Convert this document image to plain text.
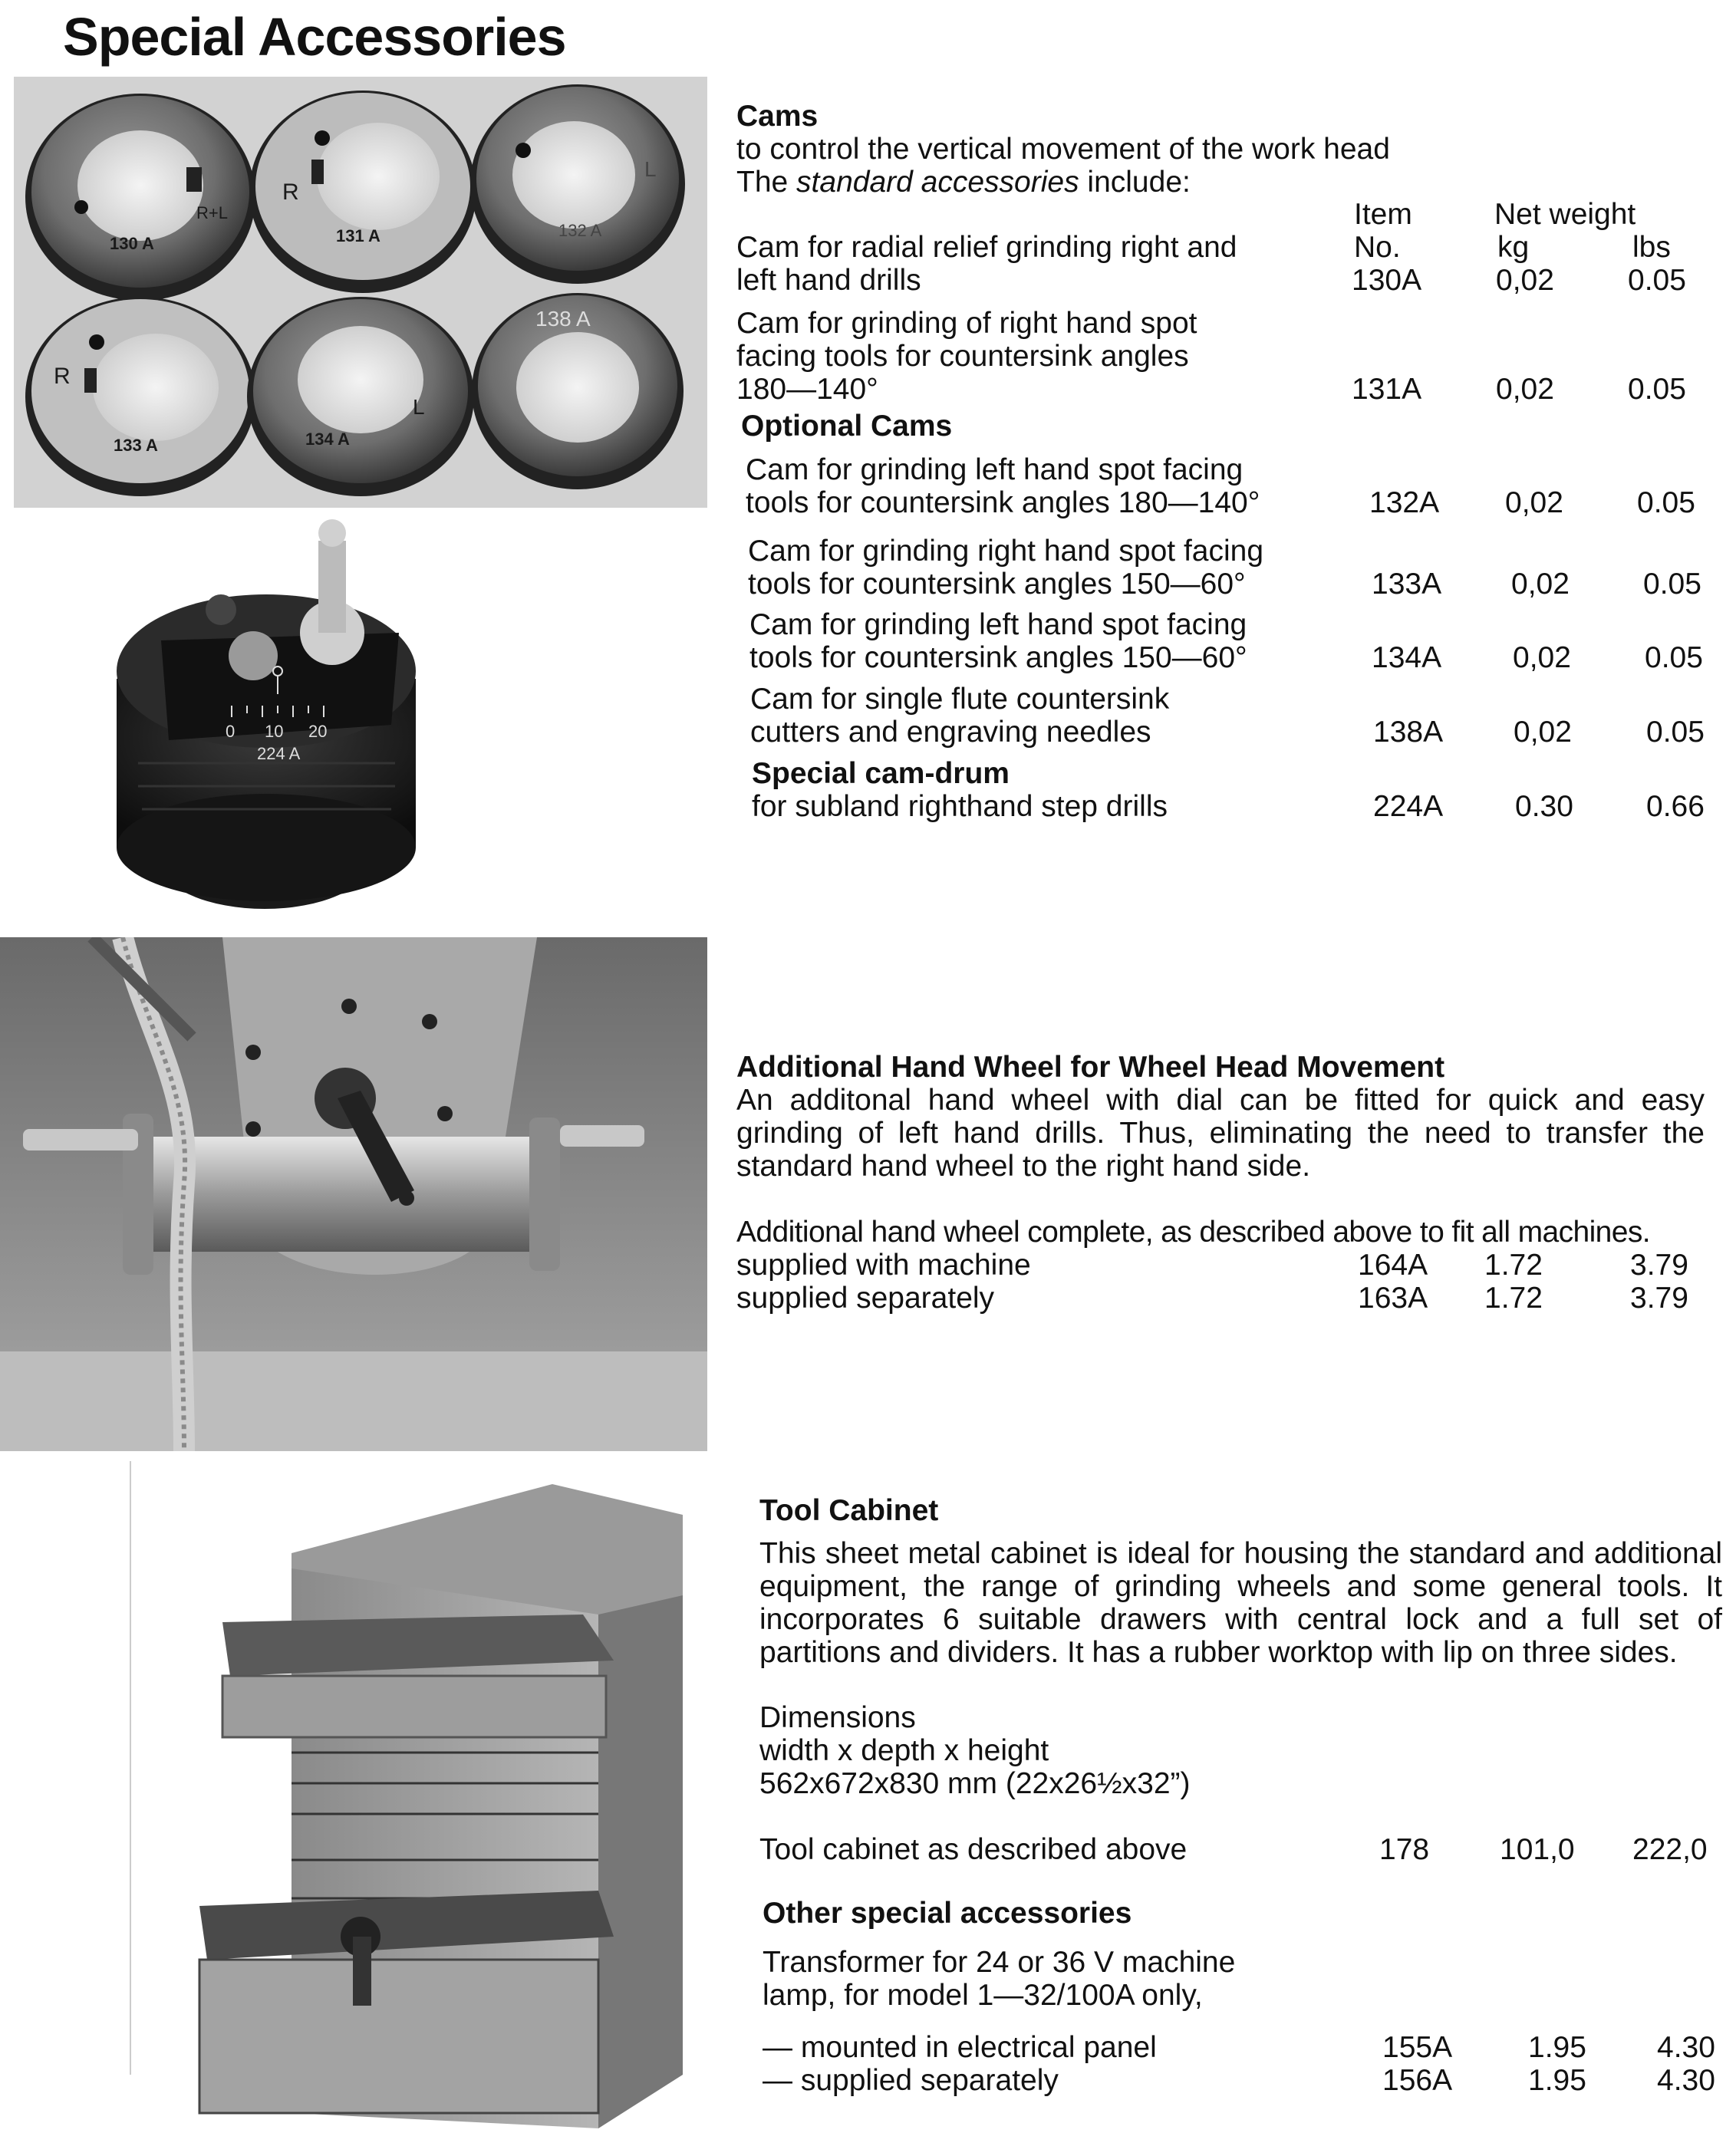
Special Accessories
130 A
R+L
131 A
R
132 A
L
133 A
R
134 A
L
138 A
0 10 20
224 A
Cams
to control the vertical movement of the work head
The standard accessories include:
Item
No.
Net weight
kg	lbs
Cam for radial relief grinding right and
left hand drills	130A 0,02 0.05
Cam for grinding of right hand spot
facing tools for countersink angles
180—140°	131A 0,02 0.05
Optional Cams
Cam for grinding left hand spot facing
tools for countersink angles 180—140°	132A 0,02 0.05
Cam for grinding right hand spot facing
tools for countersink angles 150—60°	133A 0,02 0.05
Cam for grinding left hand spot facing
tools for countersink angles 150—60°	134A 0,02 0.05
Cam for single flute countersink
cutters and engraving needles	138A 0,02 0.05
Special cam-drum
for subland righthand step drills	224A 0.30 0.66
Additional Hand Wheel for Wheel Head Movement
An additonal hand wheel with dial can be fitted for quick and easy grinding of left hand drills. Thus, eliminating the need to transfer the standard hand wheel to the right hand side.
Additional hand wheel complete, as described above to fit all machines.
supplied with machine	164A 1.72	3.79
supplied separately	163A 1.72	3.79
Tool Cabinet
This sheet metal cabinet is ideal for housing the standard and additional equipment, the range of grinding wheels and some general tools. It incorporates 6 suitable drawers with central lock and a full set of partitions and dividers. It has a rubber worktop with lip on three sides.
Dimensions
width x depth x height
562x672x830 mm (22x26½x32”)
Tool cabinet as described above	178 101,0 222,0
Other special accessories
Transformer for 24 or 36 V machine
lamp, for model 1—32/100A only,
— mounted in electrical panel	155A	1.95 4.30
— supplied separately	156A	1.95 4.30
